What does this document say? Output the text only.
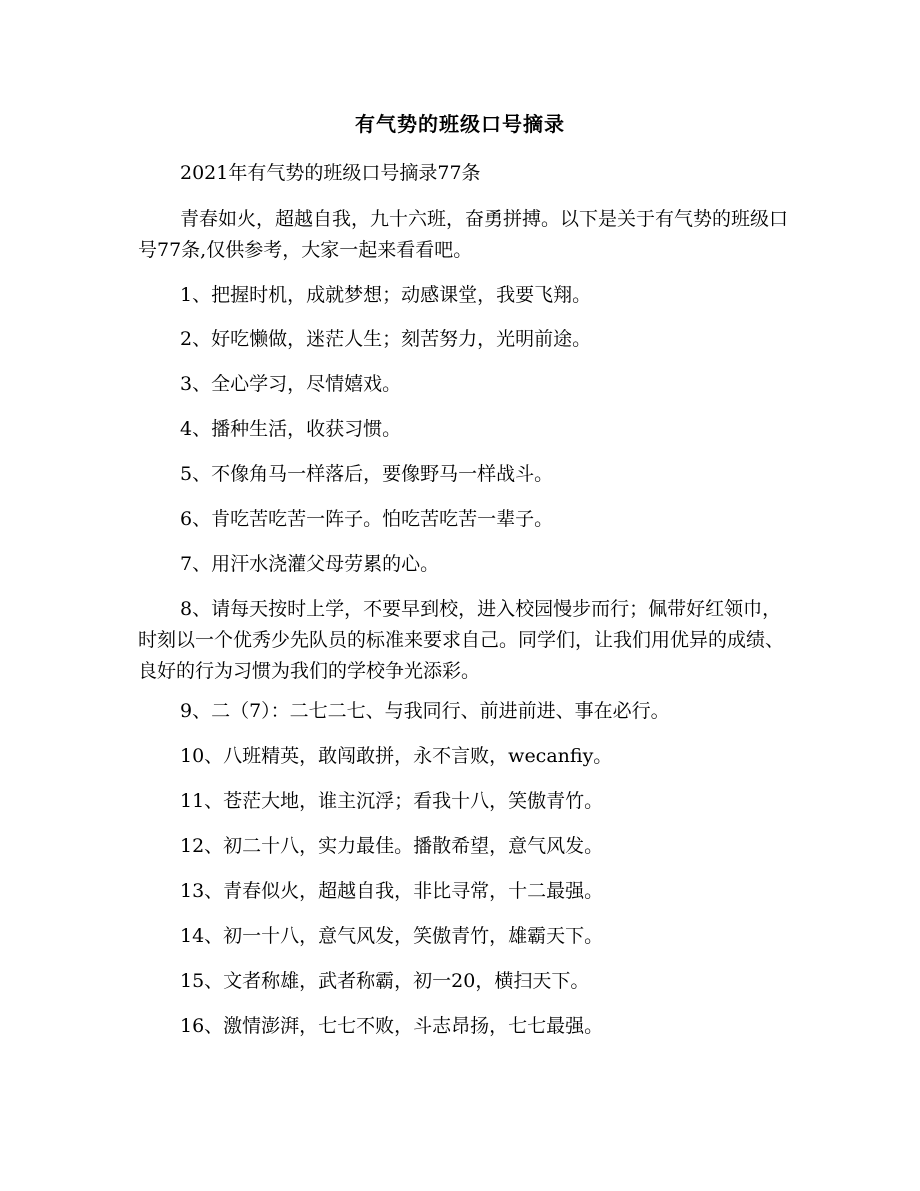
有气势的班级口号摘录
2021年有气势的班级口号摘录77条
青春如火，超越自我，九十六班，奋勇拼搏。以下是关于有气势的班级口号77条,仅供参考，大家一起来看看吧。
1、把握时机，成就梦想；动感课堂，我要飞翔。
2、好吃懒做，迷茫人生；刻苦努力，光明前途。
3、全心学习，尽情嬉戏。
4、播种生活，收获习惯。
5、不像角马一样落后，要像野马一样战斗。
6、肯吃苦吃苦一阵子。怕吃苦吃苦一辈子。
7、用汗水浇灌父母劳累的心。
8、请每天按时上学，不要早到校，进入校园慢步而行；佩带好红领巾，时刻以一个优秀少先队员的标准来要求自己。同学们，让我们用优异的成绩、良好的行为习惯为我们的学校争光添彩。
9、二（7）：二七二七、与我同行、前进前进、事在必行。
10、八班精英，敢闯敢拼，永不言败，wecanfiy。
11、苍茫大地，谁主沉浮；看我十八，笑傲青竹。
12、初二十八，实力最佳。播散希望，意气风发。
13、青春似火，超越自我，非比寻常，十二最强。
14、初一十八，意气风发，笑傲青竹，雄霸天下。
15、文者称雄，武者称霸，初一20，横扫天下。
16、激情澎湃，七七不败，斗志昂扬，七七最强。
